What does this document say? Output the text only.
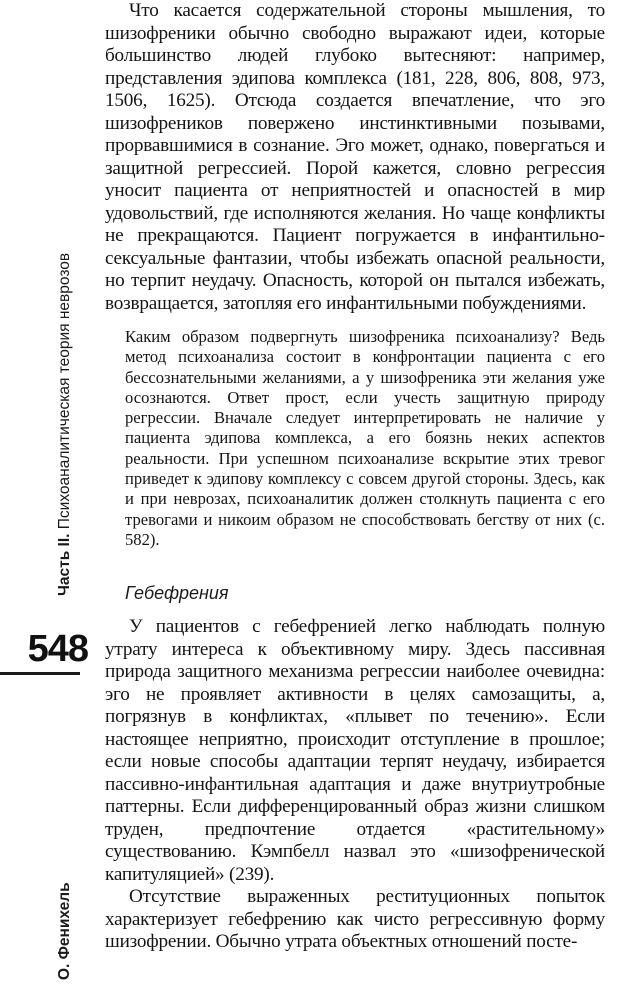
Часть II. Психоаналитическая теория неврозов
548
О. Фенихель

Что касается содержательной стороны мышления, то шизофреники обычно свободно выражают идеи, которые большинство людей глубоко вытесняют: например, представления эдипова комплекса (181, 228, 806, 808, 973, 1506, 1625). Отсюда создается впечатление, что эго шизофреников повержено инстинктивными позывами, прорвавшимися в сознание. Эго может, однако, повергаться и защитной регрессией. Порой кажется, словно регрессия уносит пациента от неприятностей и опасностей в мир удовольствий, где исполняются желания. Но чаще конфликты не прекращаются. Пациент погружается в инфантильно-сексуальные фантазии, чтобы избежать опасной реальности, но терпит неудачу. Опасность, которой он пытался избежать, возвращается, затопляя его инфантильными побуждениями.

Каким образом подвергнуть шизофреника психоанализу? Ведь метод психоанализа состоит в конфронтации пациента с его бессознательными желаниями, а у шизофреника эти желания уже осознаются. Ответ прост, если учесть защитную природу регрессии. Вначале следует интерпретировать не наличие у пациента эдипова комплекса, а его боязнь неких аспектов реальности. При успешном психоанализе вскрытие этих тревог приведет к эдипову комплексу с совсем другой стороны. Здесь, как и при неврозах, психоаналитик должен столкнуть пациента с его тревогами и никоим образом не способствовать бегству от них (с. 582).

Гебефрения

У пациентов с гебефренией легко наблюдать полную утрату интереса к объективному миру. Здесь пассивная природа защитного механизма регрессии наиболее очевидна: эго не проявляет активности в целях самозащиты, а, погрязнув в конфликтах, «плывет по течению». Если настоящее неприятно, происходит отступление в прошлое; если новые способы адаптации терпят неудачу, избирается пассивно-инфантильная адаптация и даже внутриутробные паттерны. Если дифференцированный образ жизни слишком труден, предпочтение отдается «растительному» существованию. Кэмпбелл назвал это «шизофренической капитуляцией» (239).

Отсутствие выраженных реституционных попыток характеризует гебефрению как чисто регрессивную форму шизофрении. Обычно утрата объектных отношений посте-
